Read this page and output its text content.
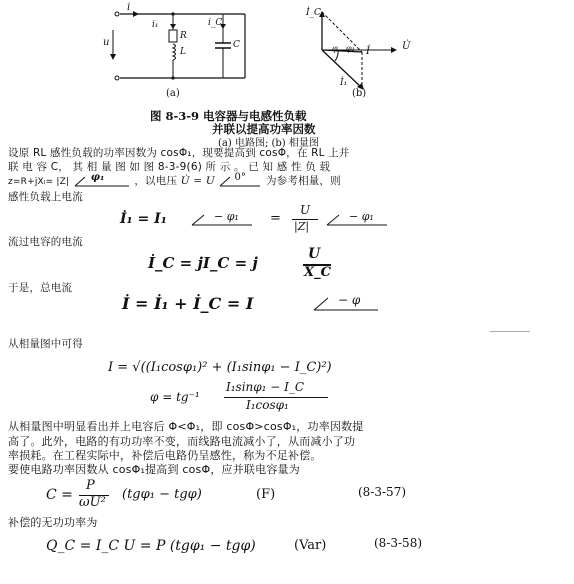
u
i
i₁
R
L
i_C
C
(a)
İ_C
U̇
İ
İ₁
φ φ₁
(b)
图 8-3-9 电容器与电感性负载
并联以提高功率因数
(a) 电路图; (b) 相量图
设原 RL 感性负载的功率因数为 cosΦ₁，现要提高到 cosΦ，在 RL 上并
联 电 容 C， 其 相 量 图 如 图 8-3-9(6) 所 示 。 已 知 感 性 负 载
z=R+jXₗ= |Z| φ₁	，以电压 U̇ = U 0° 为参考相量，则
感性负载上电流
İ₁ = I₁	− φ₁ =
U
|Z|
− φ₁
流过电容的电流
İ_C = jI_C = j	U
X_C
于是，总电流
İ = İ₁ + İ_C = I	− φ
从相量图中可得
I = √((I₁cosφ₁)² + (I₁sinφ₁ − I_C)²)
φ = tg⁻¹
I₁sinφ₁ − I_C
I₁cosφ₁
从相量图中明显看出并上电容后 Φ<Φ₁，即 cosΦ>cosΦ₁，功率因数提
高了。此外，电路的有功功率不变，而线路电流减小了，从而减小了功
率损耗。在工程实际中，补偿后电路仍呈感性，称为不足补偿。
要使电路功率因数从 cosΦ₁提高到 cosΦ，应并联电容量为
C =
P
ωU²
(tgφ₁ − tgφ)	(F)	(8-3-57)
补偿的无功功率为
Q_C = I_C U = P (tgφ₁ − tgφ)	(Var)	(8-3-58)
